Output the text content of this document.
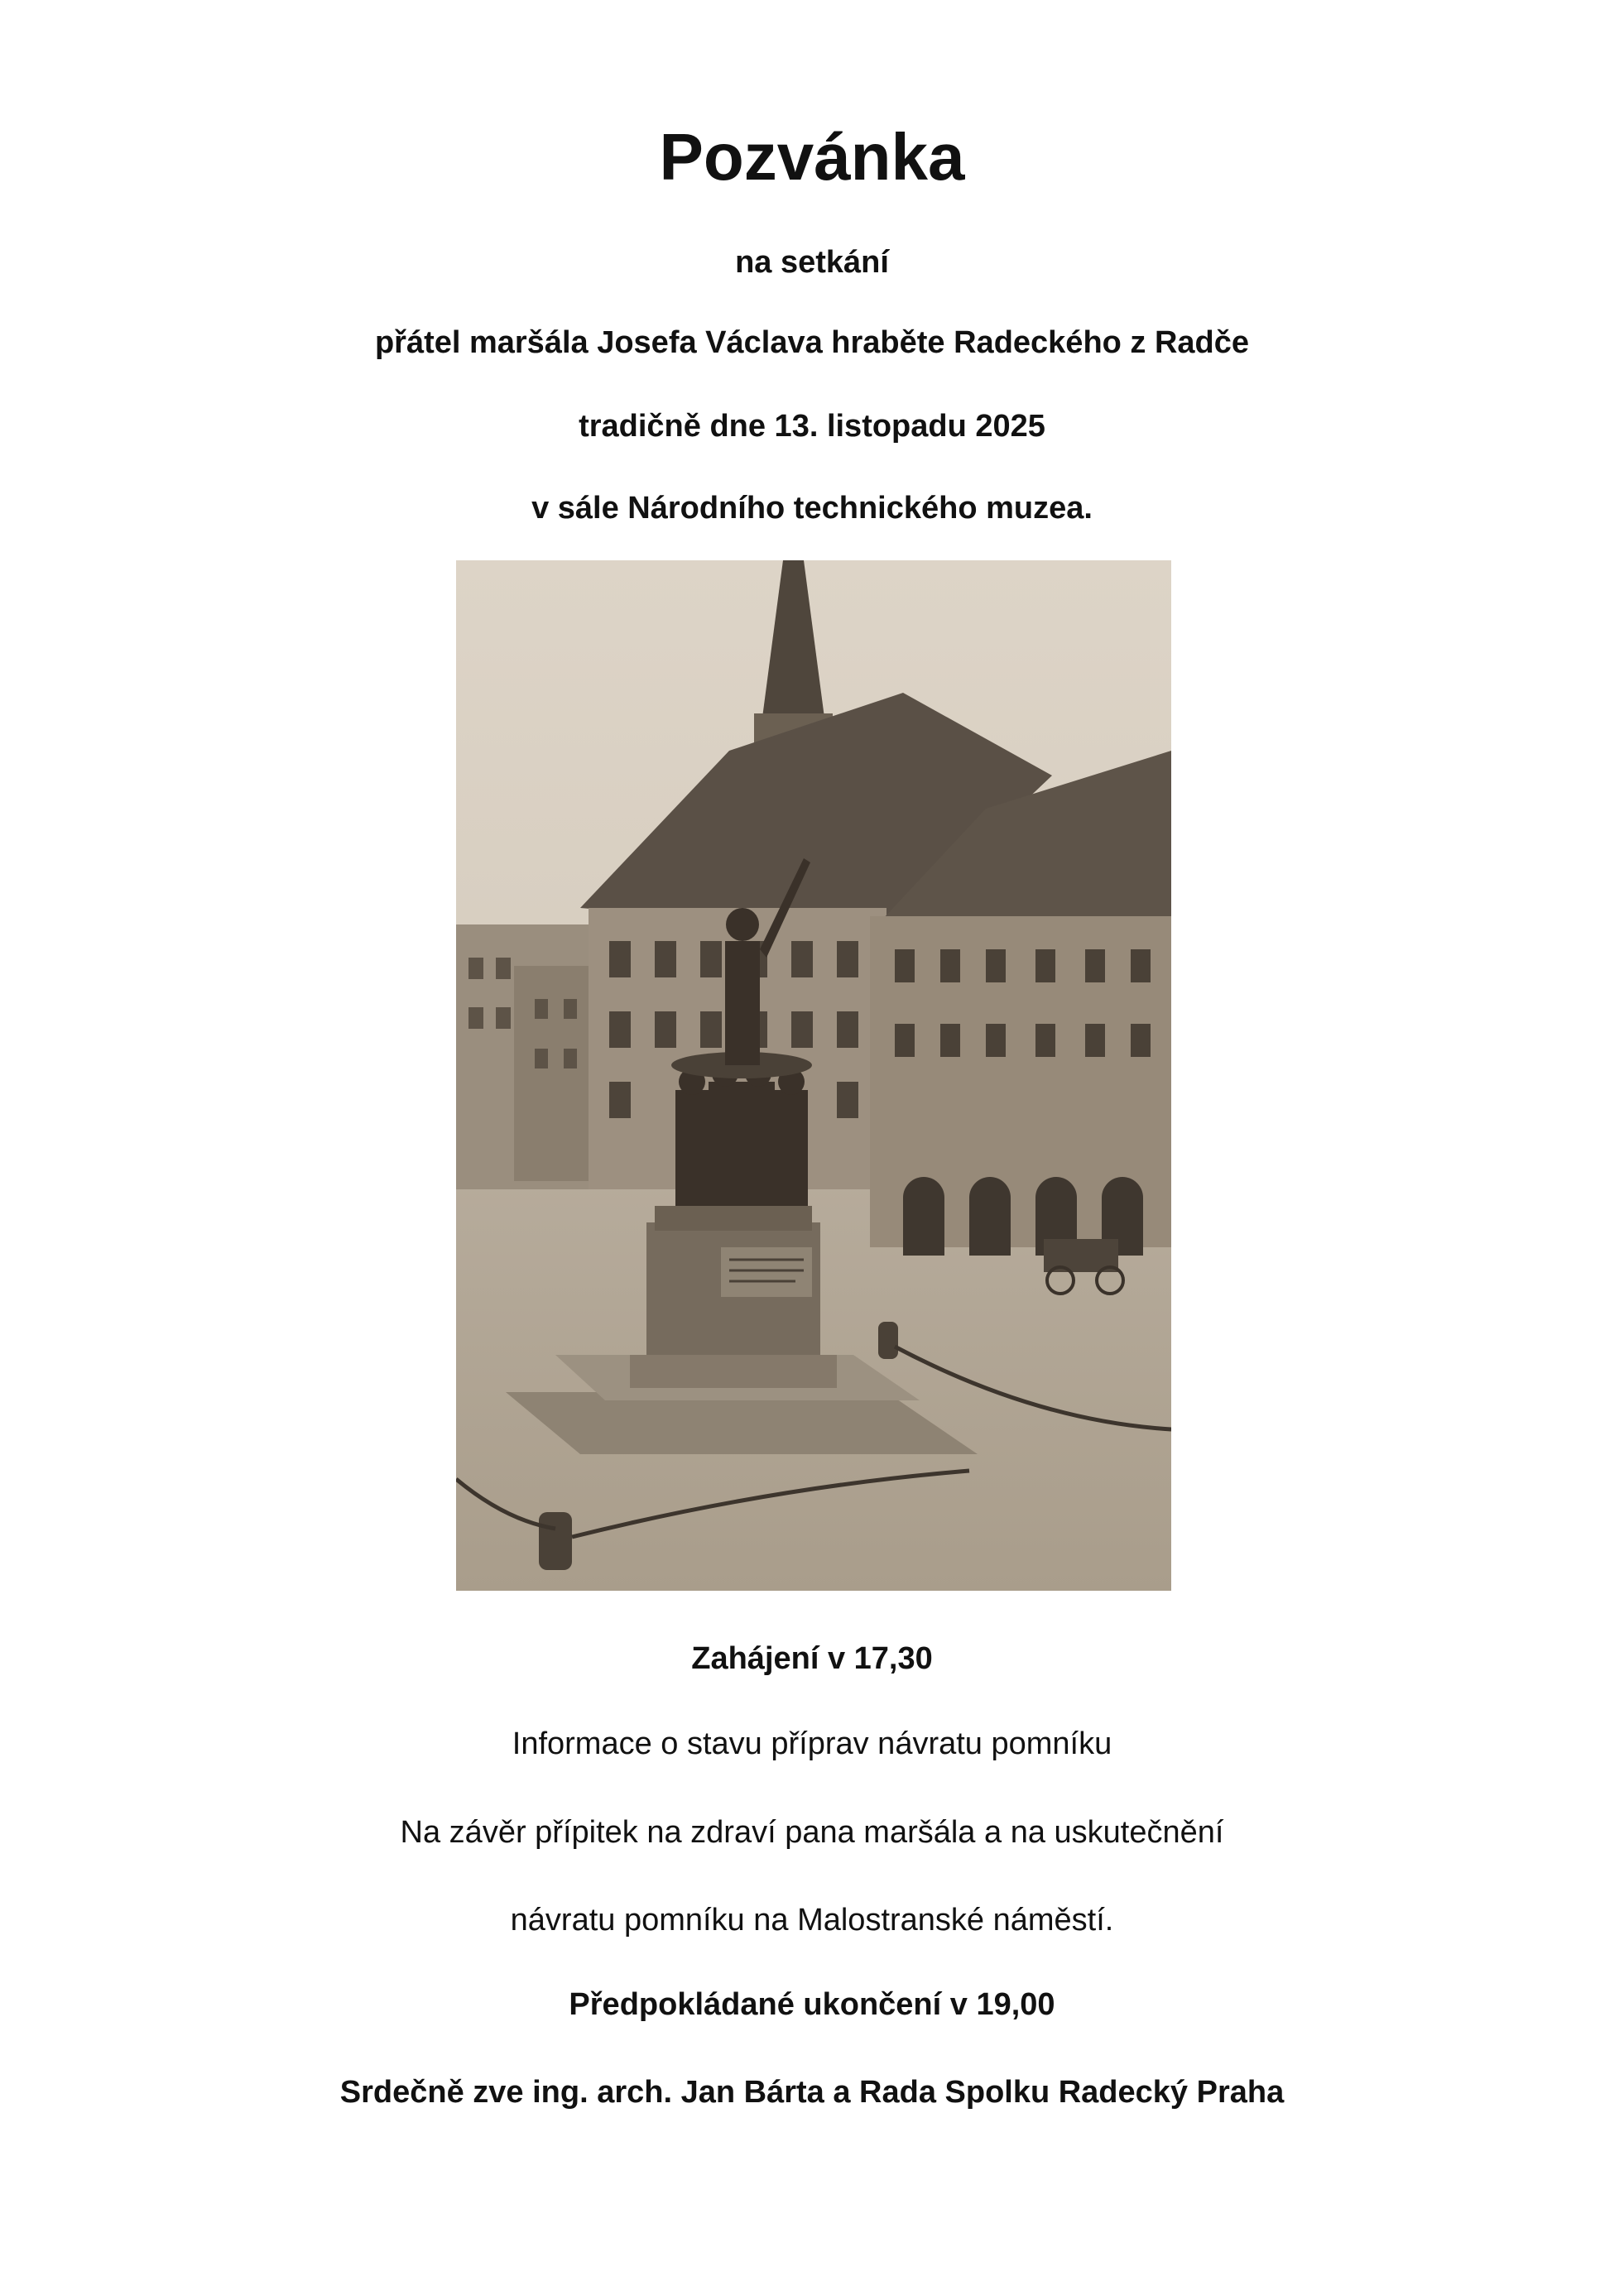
Pozvánka
na setkání
přátel maršála Josefa Václava hraběte Radeckého z Radče
tradičně dne 13. listopadu 2025
v sále Národního technického muzea.
Zahájení v 17,30
Informace o stavu příprav návratu pomníku
Na závěr přípitek na zdraví pana maršála a na uskutečnění
návratu pomníku na Malostranské náměstí.
Předpokládané ukončení v 19,00
Srdečně zve ing. arch. Jan Bárta a Rada Spolku Radecký Praha
